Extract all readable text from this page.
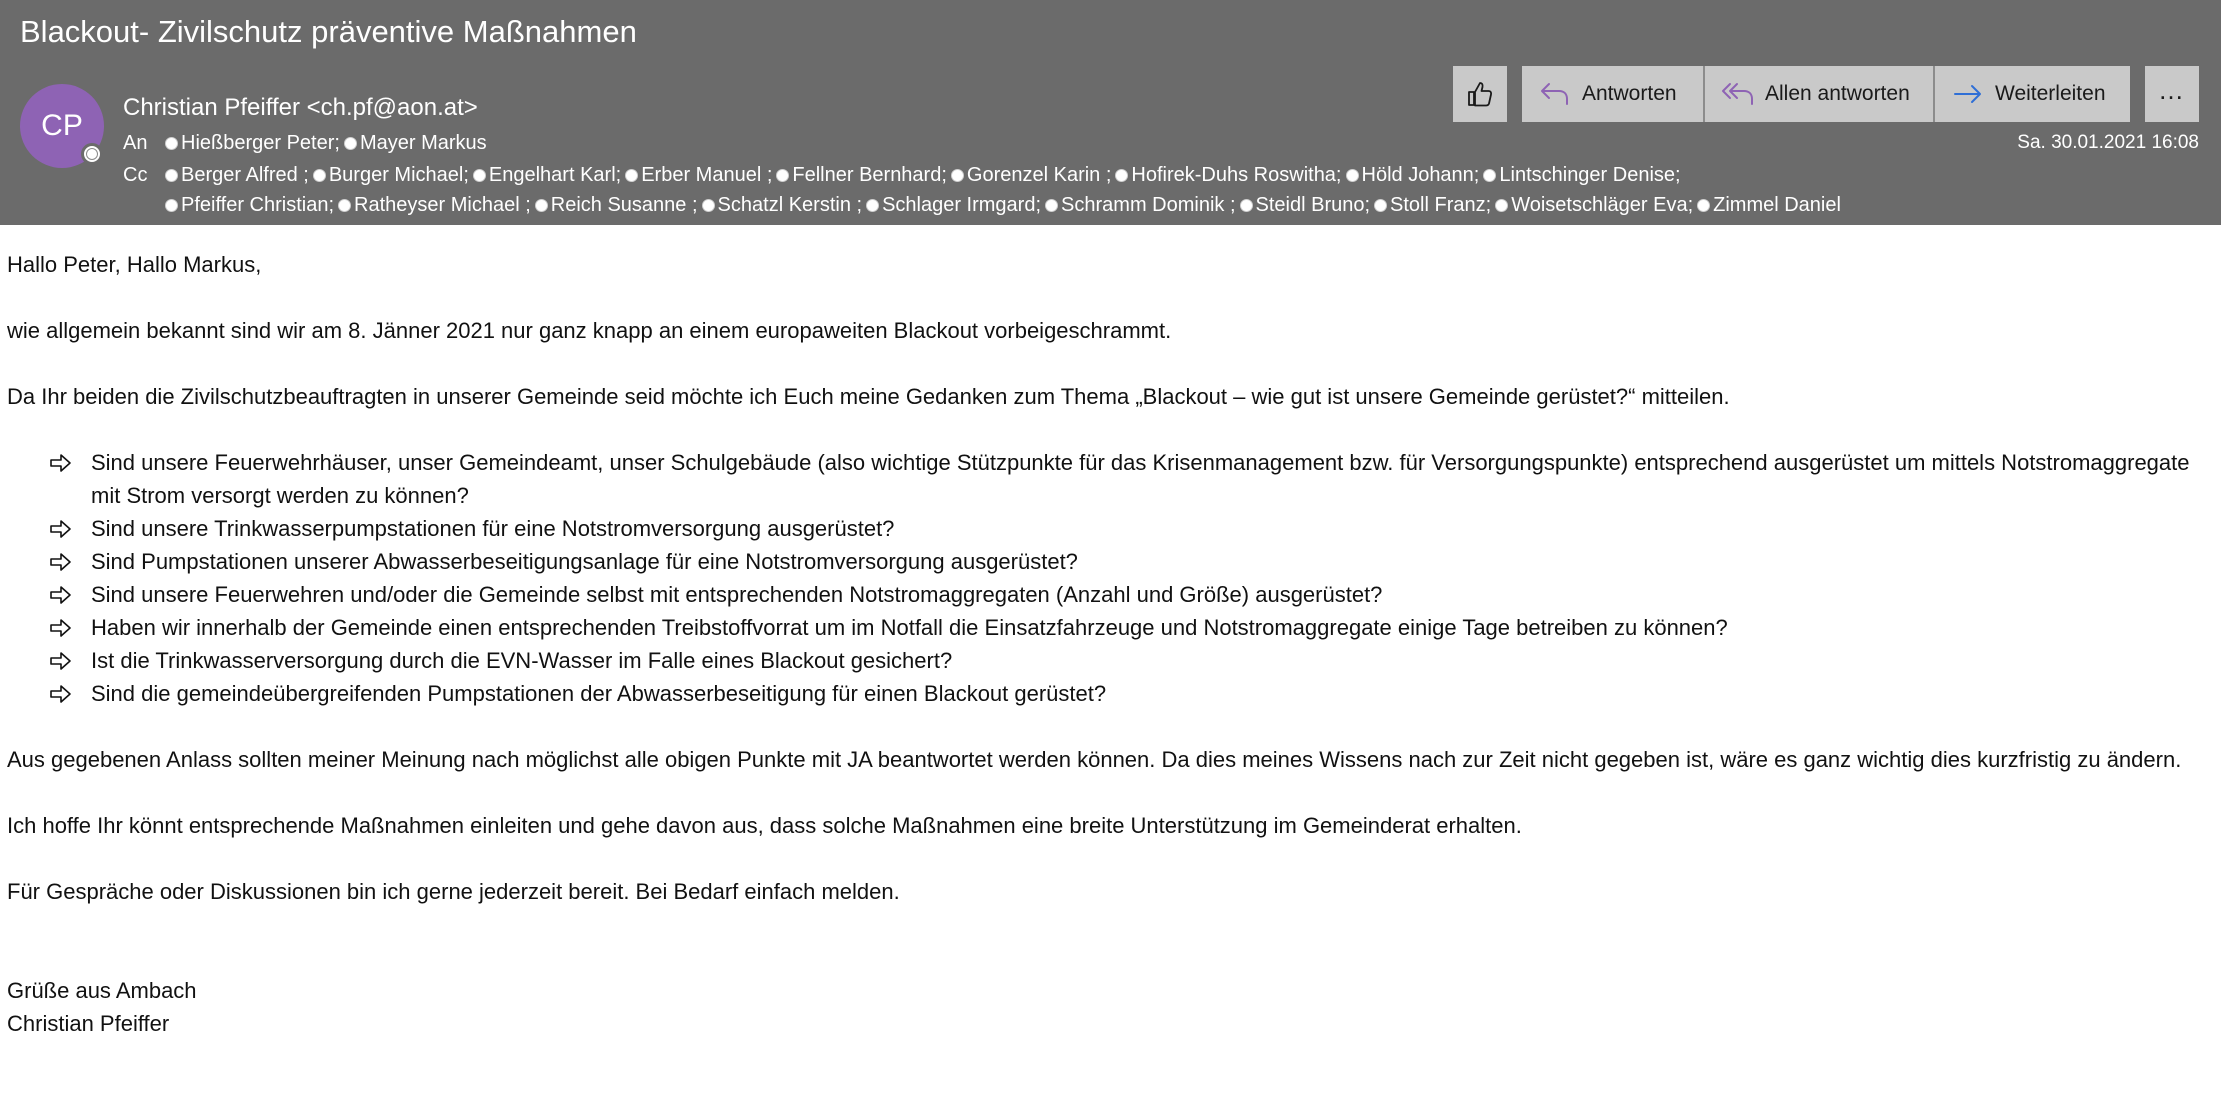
Blackout- Zivilschutz präventive Maßnahmen
CP
Christian Pfeiffer <ch.pf@aon.at>
An Hießberger Peter; Mayer Markus
Cc Berger Alfred ; Burger Michael; Engelhart Karl; Erber Manuel ; Fellner Bernhard; Gorenzel Karin ; Hofirek-Duhs Roswitha; Höld Johann; Lintschinger Denise;
Pfeiffer Christian; Ratheyser Michael ; Reich Susanne ; Schatzl Kerstin ; Schlager Irmgard; Schramm Dominik ; Steidl Bruno; Stoll Franz; Woisetschläger Eva; Zimmel Daniel
Sa. 30.01.2021 16:08
Antworten	Allen antworten	Weiterleiten …

Hallo Peter, Hallo Markus,

wie allgemein bekannt sind wir am 8. Jänner 2021 nur ganz knapp an einem europaweiten Blackout vorbeigeschrammt.

Da Ihr beiden die Zivilschutzbeauftragten in unserer Gemeinde seid möchte ich Euch meine Gedanken zum Thema „Blackout – wie gut ist unsere Gemeinde gerüstet?“ mitteilen.

Sind unsere Feuerwehrhäuser, unser Gemeindeamt, unser Schulgebäude (also wichtige Stützpunkte für das Krisenmanagement bzw. für Versorgungspunkte) entsprechend ausgerüstet um mittels Notstromaggregate mit Strom versorgt werden zu können?
Sind unsere Trinkwasserpumpstationen für eine Notstromversorgung ausgerüstet?
Sind Pumpstationen unserer Abwasserbeseitigungsanlage für eine Notstromversorgung ausgerüstet?
Sind unsere Feuerwehren und/oder die Gemeinde selbst mit entsprechenden Notstromaggregaten (Anzahl und Größe) ausgerüstet?
Haben wir innerhalb der Gemeinde einen entsprechenden Treibstoffvorrat um im Notfall die Einsatzfahrzeuge und Notstromaggregate einige Tage betreiben zu können?
Ist die Trinkwasserversorgung durch die EVN-Wasser im Falle eines Blackout gesichert?
Sind die gemeindeübergreifenden Pumpstationen der Abwasserbeseitigung für einen Blackout gerüstet?

Aus gegebenen Anlass sollten meiner Meinung nach möglichst alle obigen Punkte mit JA beantwortet werden können. Da dies meines Wissens nach zur Zeit nicht gegeben ist, wäre es ganz wichtig dies kurzfristig zu ändern.

Ich hoffe Ihr könnt entsprechende Maßnahmen einleiten und gehe davon aus, dass solche Maßnahmen eine breite Unterstützung im Gemeinderat erhalten.

Für Gespräche oder Diskussionen bin ich gerne jederzeit bereit. Bei Bedarf einfach melden.

Grüße aus Ambach

Christian Pfeiffer
